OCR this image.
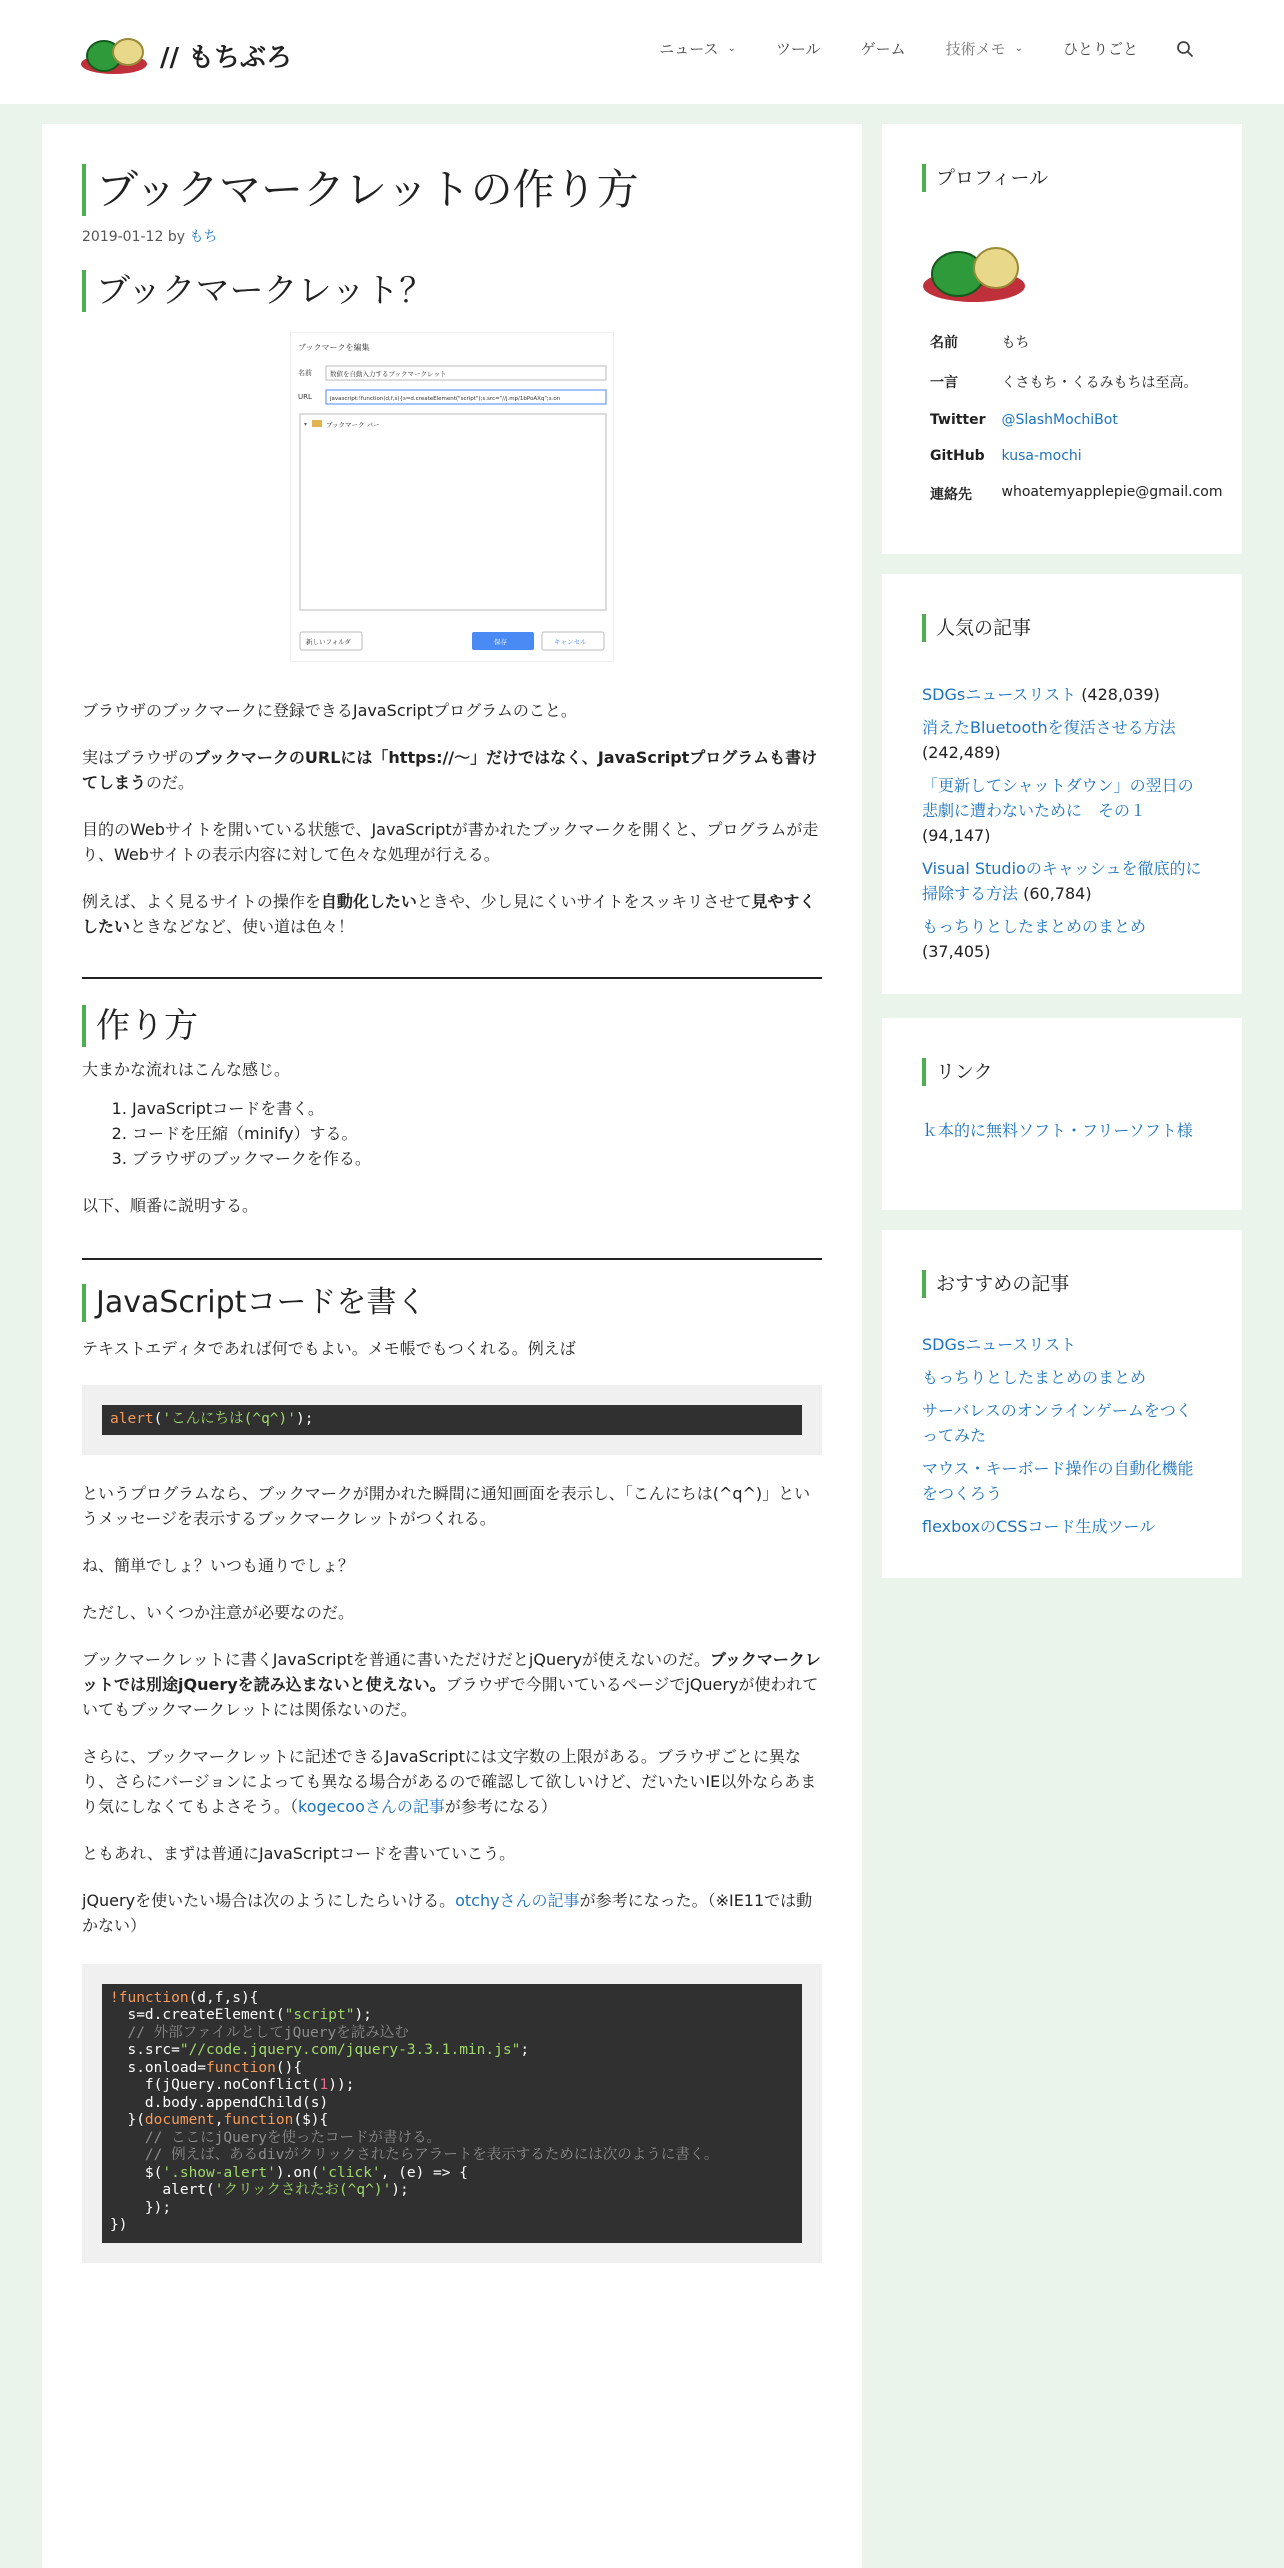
// もちぶろ	ニュース ⌄	ツール	ゲーム	技術メモ ⌄	ひとりごと
ブックマークレットの作り方
2019-01-12 by もち
ブックマークレット？
ブックマークを編集
名前	数値を自動入力するブックマークレット
URL	javascript:!function(d,f,s){s=d.createElement("script");s.src="//j.mp/1bPoAXq";s.on
▾	ブックマーク バー
新しいフォルダ	保存	キャンセル

ブラウザのブックマークに登録できるJavaScriptプログラムのこと。

実はブラウザのブックマークのURLには「https://～」だけではなく、JavaScriptプログラムも書けてしまうのだ。

目的のWebサイトを開いている状態で、JavaScriptが書かれたブックマークを開くと、プログラムが走り、Webサイトの表示内容に対して色々な処理が行える。

例えば、よく見るサイトの操作を自動化したいときや、少し見にくいサイトをスッキリさせて見やすくしたいときなどなど、使い道は色々！

作り方

大まかな流れはこんな感じ。

1. JavaScriptコードを書く。
2. コードを圧縮（minify）する。
3. ブラウザのブックマークを作る。

以下、順番に説明する。

JavaScriptコードを書く

テキストエディタであれば何でもよい。メモ帳でもつくれる。例えば

alert('こんにちは(^q^)');

というプログラムなら、ブックマークが開かれた瞬間に通知画面を表示し、「こんにちは(^q^)」というメッセージを表示するブックマークレットがつくれる。

ね、簡単でしょ？いつも通りでしょ？

ただし、いくつか注意が必要なのだ。

ブックマークレットに書くJavaScriptを普通に書いただけだとjQueryが使えないのだ。ブックマークレットでは別途jQueryを読み込まないと使えない。ブラウザで今開いているページでjQueryが使われていてもブックマークレットには関係ないのだ。

さらに、ブックマークレットに記述できるJavaScriptには文字数の上限がある。ブラウザごとに異なり、さらにバージョンによっても異なる場合があるので確認して欲しいけど、だいたいIE以外ならあまり気にしなくてもよさそう。（kogecooさんの記事が参考になる）

ともあれ、まずは普通にJavaScriptコードを書いていこう。

jQueryを使いたい場合は次のようにしたらいける。otchyさんの記事が参考になった。（※IE11では動かない）

!function(d,f,s){
s=d.createElement("script");
// 外部ファイルとしてjQueryを読み込む
s.src="//code.jquery.com/jquery-3.3.1.min.js";
s.onload=function(){
f(jQuery.noConflict(1));
d.body.appendChild(s)
}(document,function($){
// ここにjQueryを使ったコードが書ける。
// 例えば、あるdivがクリックされたらアラートを表示するためには次のように書く。
$('.show-alert').on('click', (e) => {
alert('クリックされたお(^q^)');
});
})
プロフィール
名前	もち
一言	くさもち・くるみもちは至高。
Twitter	@SlashMochiBot
GitHub	kusa-mochi
連絡先	whoatemyapplepie@gmail.com
人気の記事
SDGsニュースリスト (428,039)
消えたBluetoothを復活させる方法
(242,489)
「更新してシャットダウン」の翌日の悲劇に遭わないために　その１
(94,147)
Visual Studioのキャッシュを徹底的に掃除する方法 (60,784)
もっちりとしたまとめのまとめ
(37,405)
リンク
ｋ本的に無料ソフト・フリーソフト様
おすすめの記事
SDGsニュースリスト
もっちりとしたまとめのまとめ
サーバレスのオンラインゲームをつくってみた
マウス・キーボード操作の自動化機能をつくろう
flexboxのCSSコード生成ツール
